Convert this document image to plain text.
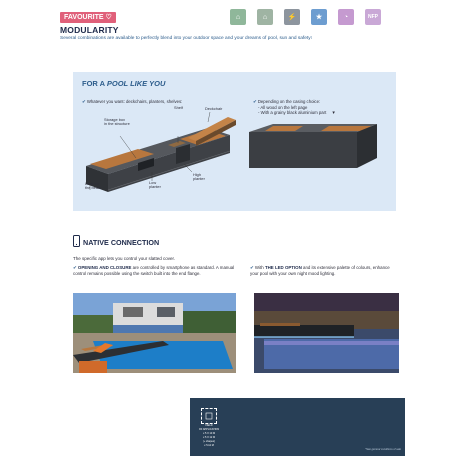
FAVOURITE ♡
MODULARITY
Several combinations are available to perfectly blend into your outdoor space and your dreams of pool, sun and safety!
FOR A POOL LIKE YOU
✔ Whatever you want: deckchairs, planters, shelves:	✔ Depending on the casing choice:
- All wood on the left page
- With a grainy black aluminium part ▼
Shelf	Deckchair
Storage box
in the structure
Leds on
the beam
Low
planter
High
planter
NATIVE CONNECTION
The specific app lets you control your slatted cover.
✔ OPENING AND CLOSURE are controlled by smartphone as standard. A manual control remains possible using the switch built into the end flange.
✔ With THE LED OPTION and its extensive palette of colours, enhance your pool with your own night mood lighting.
FIELD
OF APPLICATION
≤ 5 X 10 M
≤ 5 X 12 M
(+ shapes)
≤ 5.12 M
⌂
NEW BUILD
⌂
REFURBISHMENT
⚡
MAINS POWER SUPPLY
★
METAL SLAT COVER AND STRUCTURE GUARANTEE*
◔
SLOW MODE
NFP
COMPLIANT WITH NF P 90-308 STANDARD
*See general conditions of sale
